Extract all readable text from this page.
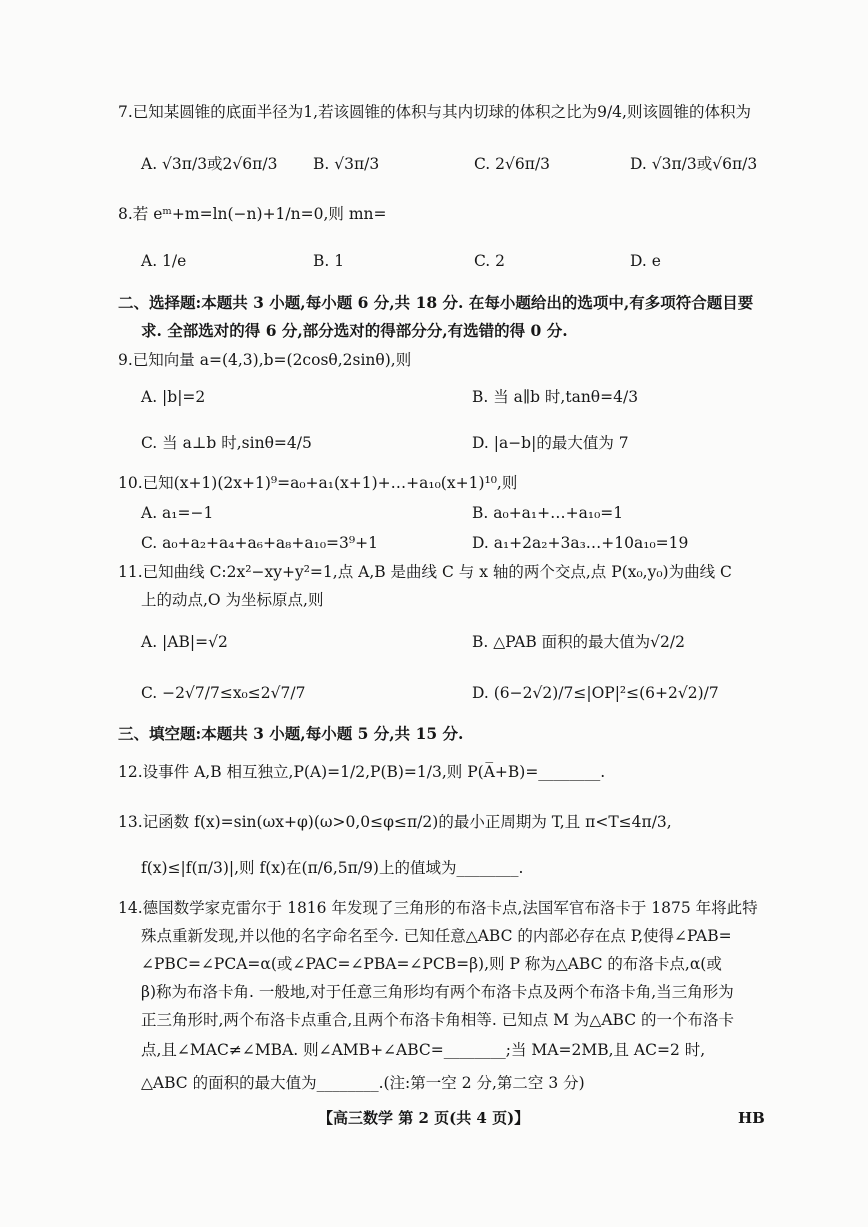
7.已知某圆锥的底面半径为1,若该圆锥的体积与其内切球的体积之比为9/4,则该圆锥的体积为
A. √3π/3或2√6π/3 B. √3π/3	C. 2√6π/3	D. √3π/3或√6π/3
8.若 eᵐ+m=ln(−n)+1/n=0,则 mn=
A. 1/e	B. 1	C. 2	D. e
二、选择题:本题共 3 小题,每小题 6 分,共 18 分. 在每小题给出的选项中,有多项符合题目要
求. 全部选对的得 6 分,部分选对的得部分分,有选错的得 0 分.
9.已知向量 a=(4,3),b=(2cosθ,2sinθ),则
A. |b|=2	B. 当 a∥b 时,tanθ=4/3
C. 当 a⊥b 时,sinθ=4/5	D. |a−b|的最大值为 7
10.已知(x+1)(2x+1)⁹=a₀+a₁(x+1)+…+a₁₀(x+1)¹⁰,则
A. a₁=−1	B. a₀+a₁+…+a₁₀=1
C. a₀+a₂+a₄+a₆+a₈+a₁₀=3⁹+1	D. a₁+2a₂+3a₃…+10a₁₀=19
11.已知曲线 C:2x²−xy+y²=1,点 A,B 是曲线 C 与 x 轴的两个交点,点 P(x₀,y₀)为曲线 C
上的动点,O 为坐标原点,则
A. |AB|=√2	B. △PAB 面积的最大值为√2/2
C. −2√7/7≤x₀≤2√7/7	D. (6−2√2)/7≤|OP|²≤(6+2√2)/7
三、填空题:本题共 3 小题,每小题 5 分,共 15 分.
12.设事件 A,B 相互独立,P(A)=1/2,P(B)=1/3,则 P(A̅+B)=________.
13.记函数 f(x)=sin(ωx+φ)(ω>0,0≤φ≤π/2)的最小正周期为 T,且 π<T≤4π/3,
f(x)≤|f(π/3)|,则 f(x)在(π/6,5π/9)上的值域为________.
14.德国数学家克雷尔于 1816 年发现了三角形的布洛卡点,法国军官布洛卡于 1875 年将此特
殊点重新发现,并以他的名字命名至今. 已知任意△ABC 的内部必存在点 P,使得∠PAB=
∠PBC=∠PCA=α(或∠PAC=∠PBA=∠PCB=β),则 P 称为△ABC 的布洛卡点,α(或
β)称为布洛卡角. 一般地,对于任意三角形均有两个布洛卡点及两个布洛卡角,当三角形为
正三角形时,两个布洛卡点重合,且两个布洛卡角相等. 已知点 M 为△ABC 的一个布洛卡
点,且∠MAC≠∠MBA. 则∠AMB+∠ABC=________;当 MA=2MB,且 AC=2 时,
△ABC 的面积的最大值为________.(注:第一空 2 分,第二空 3 分)
【高三数学 第 2 页(共 4 页)】	HB
